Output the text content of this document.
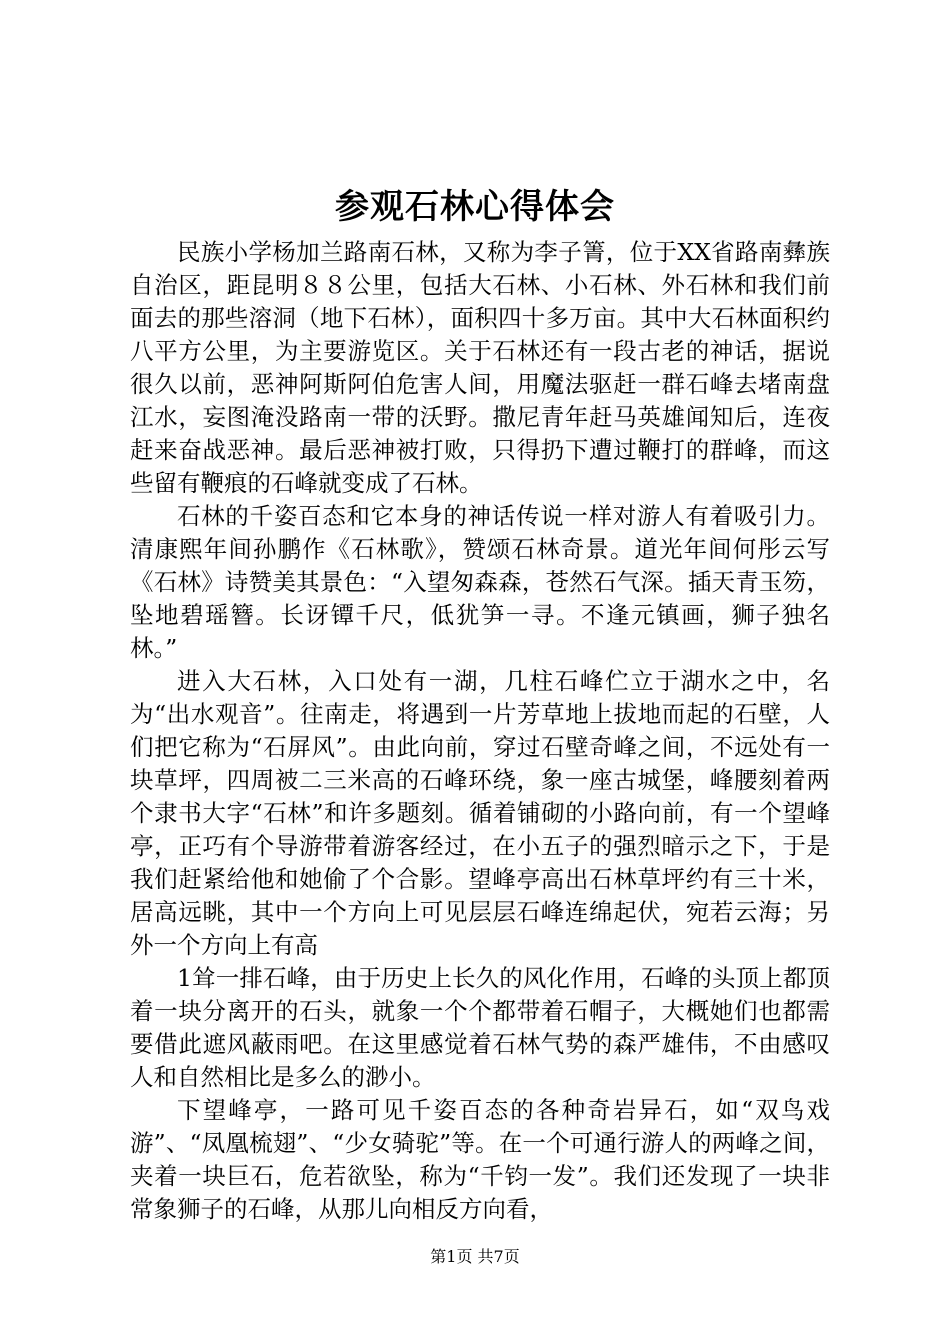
参观石林心得体会

民族小学杨加兰路南石林，又称为李子箐，位于XX省路南彝族自治区，距昆明８８公里，包括大石林、小石林、外石林和我们前面去的那些溶洞（地下石林），面积四十多万亩。其中大石林面积约八平方公里，为主要游览区。关于石林还有一段古老的神话，据说很久以前，恶神阿斯阿伯危害人间，用魔法驱赶一群石峰去堵南盘江水，妄图淹没路南一带的沃野。撒尼青年赶马英雄闻知后，连夜赶来奋战恶神。最后恶神被打败，只得扔下遭过鞭打的群峰，而这些留有鞭痕的石峰就变成了石林。

石林的千姿百态和它本身的神话传说一样对游人有着吸引力。清康熙年间孙鹏作《石林歌》，赞颂石林奇景。道光年间何彤云写《石林》诗赞美其景色：“入望匆森森，苍然石气深。插天青玉笏，坠地碧瑶簪。长讶镡千尺，低犹笋一寻。不逢元镇画，狮子独名林。”

进入大石林，入口处有一湖，几柱石峰伫立于湖水之中，名为“出水观音”。往南走，将遇到一片芳草地上拔地而起的石壁，人们把它称为“石屏风”。由此向前，穿过石壁奇峰之间，不远处有一块草坪，四周被二三米高的石峰环绕，象一座古城堡，峰腰刻着两个隶书大字“石林”和许多题刻。循着铺砌的小路向前，有一个望峰亭，正巧有个导游带着游客经过，在小五子的强烈暗示之下，于是我们赶紧给他和她偷了个合影。望峰亭高出石林草坪约有三十米，居高远眺，其中一个方向上可见层层石峰连绵起伏，宛若云海；另外一个方向上有高

1耸一排石峰，由于历史上长久的风化作用，石峰的头顶上都顶着一块分离开的石头，就象一个个都带着石帽子，大概她们也都需要借此遮风蔽雨吧。在这里感觉着石林气势的森严雄伟，不由感叹人和自然相比是多么的渺小。

下望峰亭，一路可见千姿百态的各种奇岩异石，如“双鸟戏游”、“凤凰梳翅”、“少女骑驼”等。在一个可通行游人的两峰之间，夹着一块巨石，危若欲坠，称为“千钧一发”。我们还发现了一块非常象狮子的石峰，从那儿向相反方向看，

第1页 共7页
